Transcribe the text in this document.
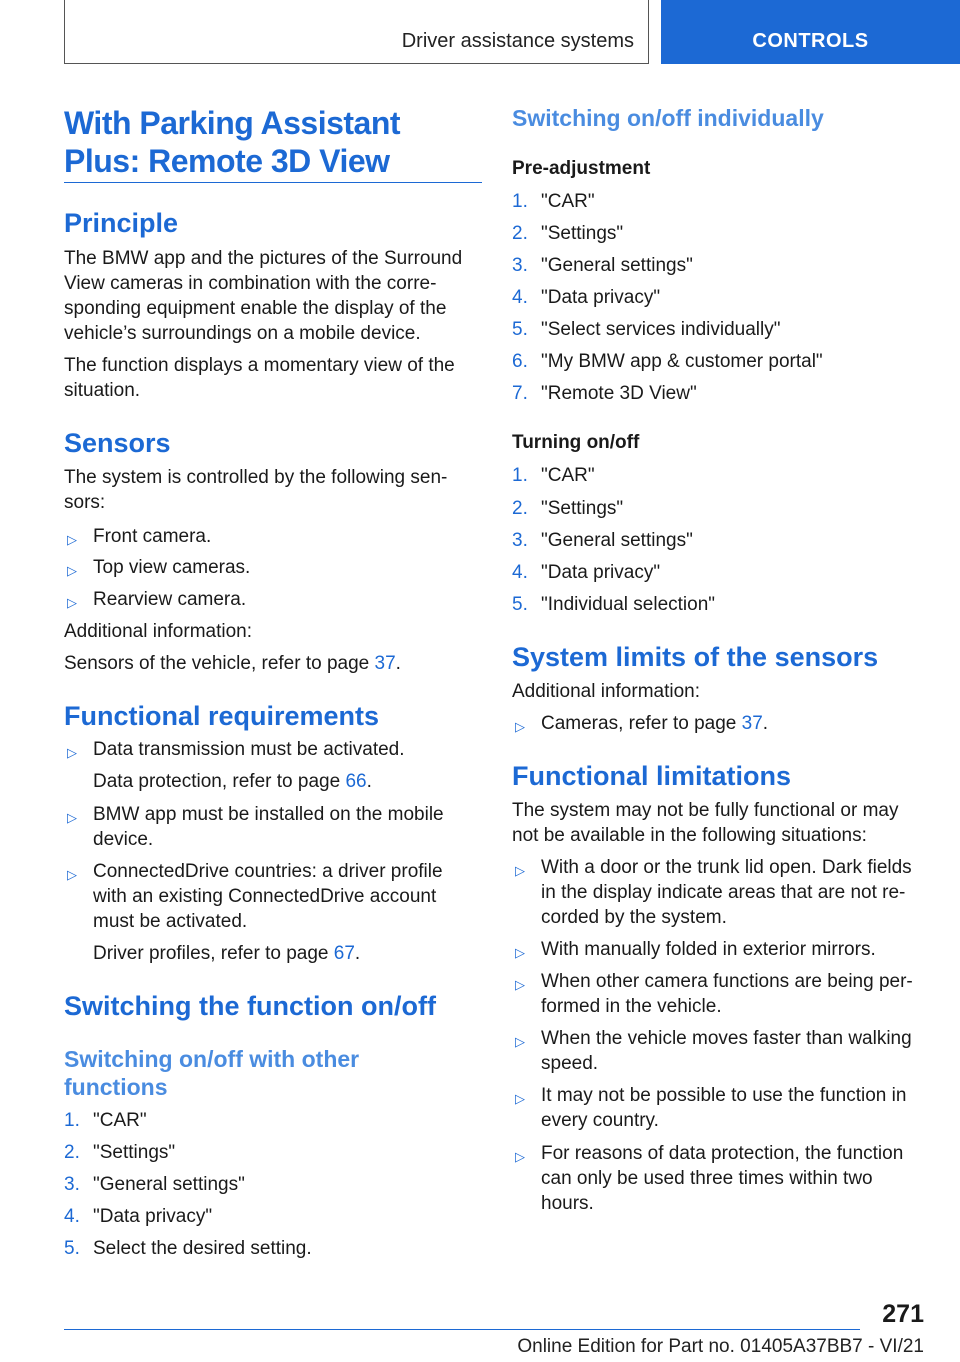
Driver assistance systems	CONTROLS
With Parking Assistant
Plus: Remote 3D View
Principle
The BMW app and the pictures of the Surround
View cameras in combination with the corre-
sponding equipment enable the display of the
vehicle’s surroundings on a mobile device.
The function displays a momentary view of the
situation.
Sensors
The system is controlled by the following sen-
sors:
▷ Front camera.
▷ Top view cameras.
▷ Rearview camera.
Additional information:
Sensors of the vehicle, refer to page 37.
Functional requirements
▷ Data transmission must be activated.
Data protection, refer to page 66.
▷ BMW app must be installed on the mobile
device.
▷ ConnectedDrive countries: a driver profile
with an existing ConnectedDrive account
must be activated.
Driver profiles, refer to page 67.
Switching the function on/off
Switching on/off with other
functions
1. "CAR"
2. "Settings"
3. "General settings"
4. "Data privacy"
5. Select the desired setting.
Switching on/off individually
Pre-adjustment
1. "CAR"
2. "Settings"
3. "General settings"
4. "Data privacy"
5. "Select services individually"
6. "My BMW app & customer portal"
7. "Remote 3D View"
Turning on/off
1. "CAR"
2. "Settings"
3. "General settings"
4. "Data privacy"
5. "Individual selection"
System limits of the sensors
Additional information:
▷ Cameras, refer to page 37.
Functional limitations
The system may not be fully functional or may
not be available in the following situations:
▷ With a door or the trunk lid open. Dark fields
in the display indicate areas that are not re-
corded by the system.
▷ With manually folded in exterior mirrors.
▷ When other camera functions are being per-
formed in the vehicle.
▷ When the vehicle moves faster than walking
speed.
▷ It may not be possible to use the function in
every country.
▷ For reasons of data protection, the function
can only be used three times within two
hours.
271
Online Edition for Part no. 01405A37BB7 - VI/21
